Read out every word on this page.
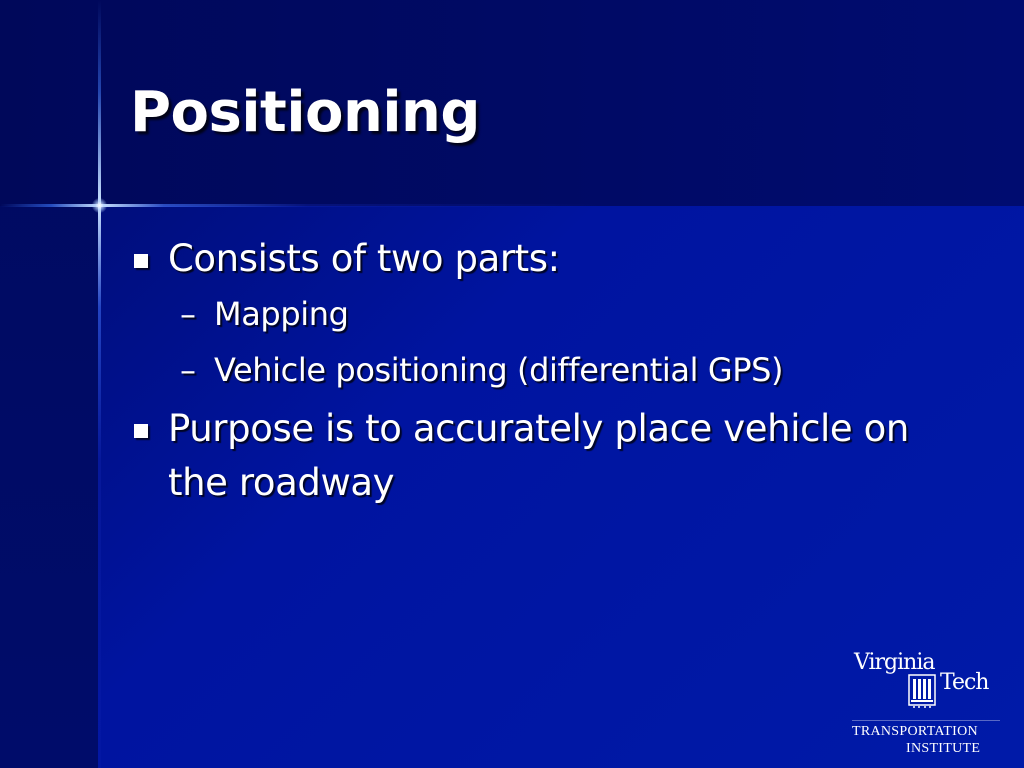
Positioning
Consists of two parts:
– Mapping
– Vehicle positioning (differential GPS)
Purpose is to accurately place vehicle on the roadway
Virginia
Tech
TRANSPORTATION
INSTITUTE
